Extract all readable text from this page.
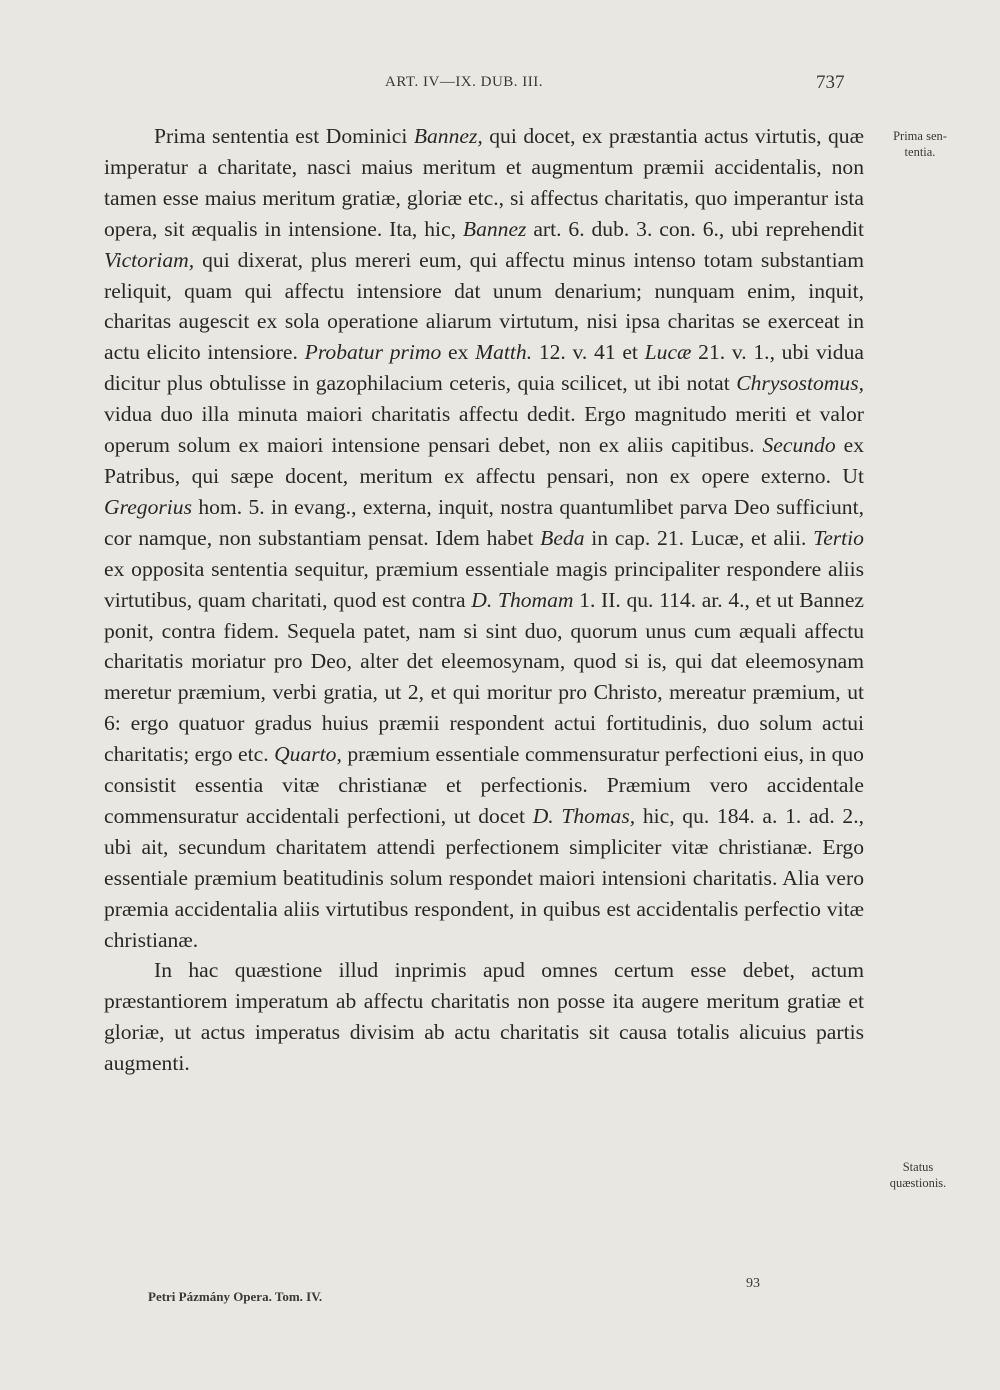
ART. IV—IX. DUB. III.	737

Prima sententia est Dominici Bannez, qui docet, ex præstantia actus virtutis, quæ imperatur a charitate, nasci maius meritum et augmentum præmii accidentalis, non tamen esse maius meritum gratiæ, gloriæ etc., si affectus charitatis, quo imperantur ista opera, sit æqualis in intensione. Ita, hic, Bannez art. 6. dub. 3. con. 6., ubi reprehendit Victoriam, qui dixerat, plus mereri eum, qui affectu minus intenso totam substantiam reliquit, quam qui affectu intensiore dat unum denarium; nunquam enim, inquit, charitas augescit ex sola operatione aliarum virtutum, nisi ipsa charitas se exerceat in actu elicito intensiore. Probatur primo ex Matth. 12. v. 41 et Lucæ 21. v. 1., ubi vidua dicitur plus obtulisse in gazophilacium ceteris, quia scilicet, ut ibi notat Chrysostomus, vidua duo illa minuta maiori charitatis affectu dedit. Ergo magnitudo meriti et valor operum solum ex maiori intensione pensari debet, non ex aliis capitibus. Secundo ex Patribus, qui sæpe docent, meritum ex affectu pensari, non ex opere externo. Ut Gregorius hom. 5. in evang., externa, inquit, nostra quantumlibet parva Deo sufficiunt, cor namque, non substantiam pensat. Idem habet Beda in cap. 21. Lucæ, et alii. Tertio ex opposita sententia sequitur, præmium essentiale magis principaliter respondere aliis virtutibus, quam charitati, quod est contra D. Thomam 1. II. qu. 114. ar. 4., et ut Bannez ponit, contra fidem. Sequela patet, nam si sint duo, quorum unus cum æquali affectu charitatis moriatur pro Deo, alter det eleemosynam, quod si is, qui dat eleemosynam meretur præmium, verbi gratia, ut 2, et qui moritur pro Christo, mereatur præmium, ut 6: ergo quatuor gradus huius præmii respondent actui fortitudinis, duo solum actui charitatis; ergo etc. Quarto, præmium essentiale commensuratur perfectioni eius, in quo consistit essentia vitæ christianæ et perfectionis. Præmium vero accidentale commensuratur accidentali perfectioni, ut docet D. Thomas, hic, qu. 184. a. 1. ad. 2., ubi ait, secundum charitatem attendi perfectionem simpliciter vitæ christianæ. Ergo essentiale præmium beatitudinis solum respondet maiori intensioni charitatis. Alia vero præmia accidentalia aliis virtutibus respondent, in quibus est accidentalis perfectio vitæ christianæ.

In hac quæstione illud inprimis apud omnes certum esse debet, actum præstantiorem imperatum ab affectu charitatis non posse ita augere meritum gratiæ et gloriæ, ut actus imperatus divisim ab actu charitatis sit causa totalis alicuius partis augmenti.

Prima sen-
tentia.
Status
quæstionis.
Petri Pázmány Opera. Tom. IV.
93
